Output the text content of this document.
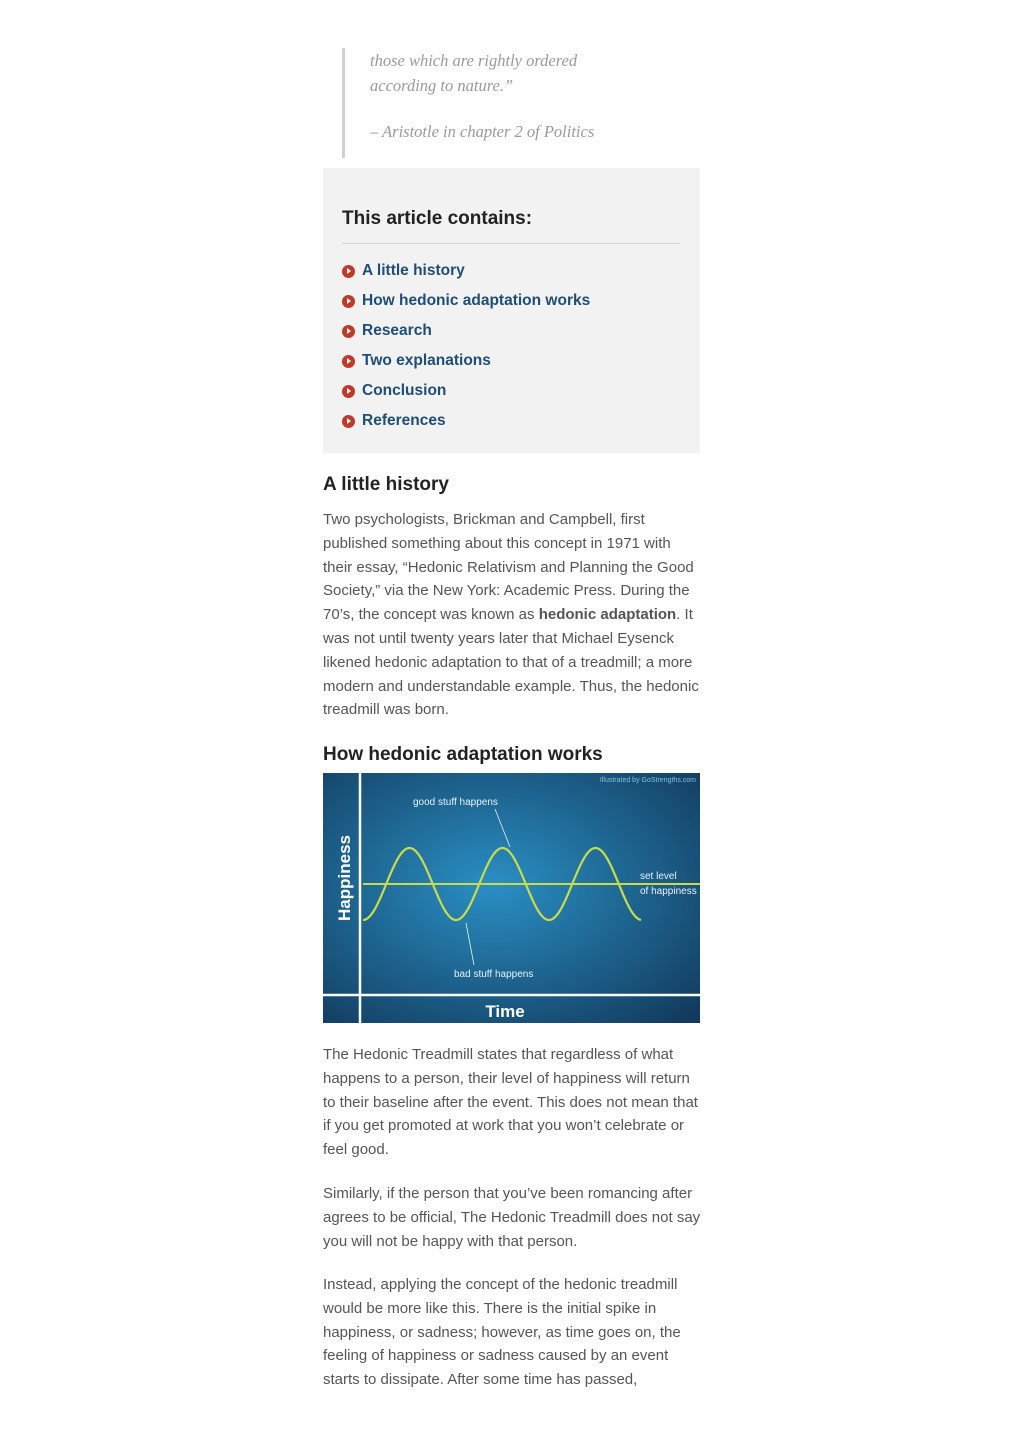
those which are rightly ordered

according to nature.”

– Aristotle in chapter 2 of Politics

This article contains:

A little history
How hedonic adaptation works
Research
Two explanations
Conclusion
References
A little history

Two psychologists, Brickman and Campbell, first published something about this concept in 1971 with their essay, “Hedonic Relativism and Planning the Good Society,” via the New York: Academic Press. During the 70’s, the concept was known as hedonic adaptation. It was not until twenty years later that Michael Eysenck likened hedonic adaptation to that of a treadmill; a more modern and understandable example. Thus, the hedonic treadmill was born.

How hedonic adaptation works
Illustrated by GoStrengths.com
Happiness
Time
good stuff happens
bad stuff happens
set level
of happiness

The Hedonic Treadmill states that regardless of what happens to a person, their level of happiness will return to their baseline after the event. This does not mean that if you get promoted at work that you won’t celebrate or feel good.

Similarly, if the person that you’ve been romancing after agrees to be official, The Hedonic Treadmill does not say you will not be happy with that person.

Instead, applying the concept of the hedonic treadmill would be more like this. There is the initial spike in happiness, or sadness; however, as time goes on, the feeling of happiness or sadness caused by an event starts to dissipate. After some time has passed,
